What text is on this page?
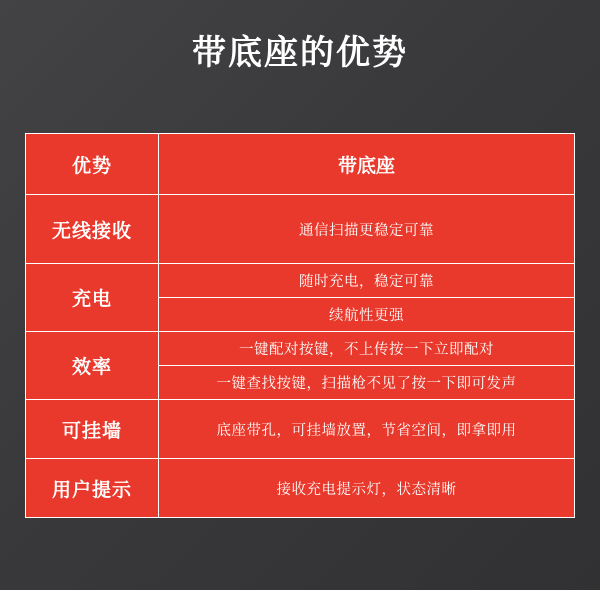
带底座的优势
优势	带底座
无线接收	通信扫描更稳定可靠
充电	随时充电，稳定可靠
	续航性更强
效率	一键配对按键，不上传按一下立即配对
	一键查找按键，扫描枪不见了按一下即可发声
可挂墙	底座带孔，可挂墙放置，节省空间，即拿即用
用户提示	接收充电提示灯，状态清晰
